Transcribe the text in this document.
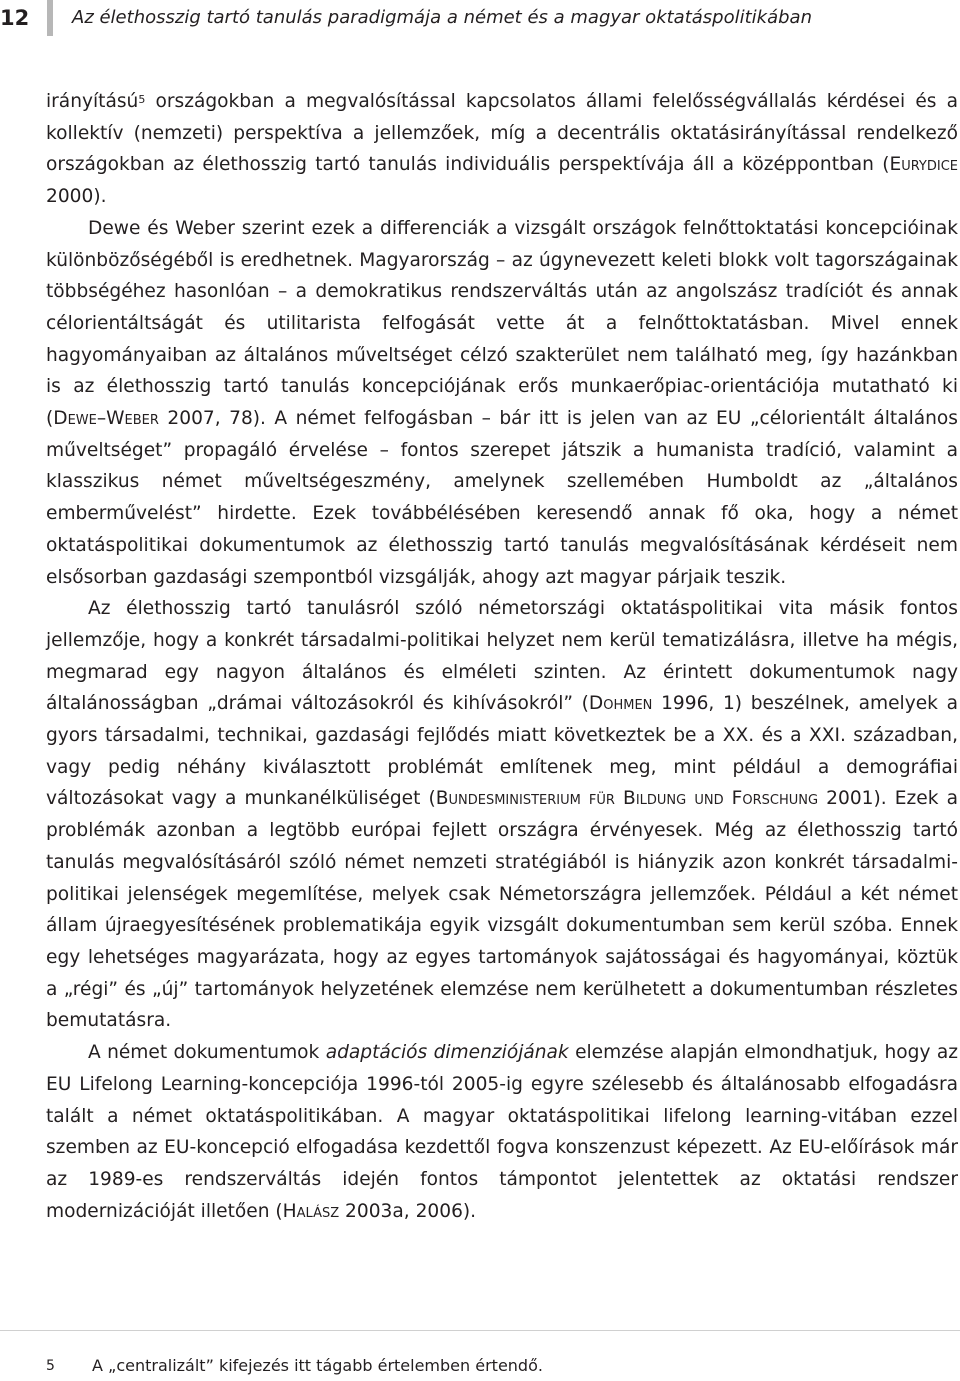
12 Az élethosszig tartó tanulás paradigmája a német és a magyar oktatáspolitikában

irányítású$^5$ országokban a megvalósítással kapcsolatos állami felelősségvállalás kérdései és a kollektív (nemzeti) perspektíva a jellemzőek, míg a decentrális oktatásirányítással rendelkező országokban az élethosszig tartó tanulás individuális perspektívája áll a középpontban (Eurydice 2000).

Dewe és Weber szerint ezek a differenciák a vizsgált országok felnőttoktatási koncepcióinak különbözőségéből is eredhetnek. Magyarország – az úgynevezett keleti blokk volt tagországainak többségéhez hasonlóan – a demokratikus rendszerváltás után az angolszász tradíciót és annak célorientáltságát és utilitarista felfogását vette át a felnőttoktatásban. Mivel ennek hagyományaiban az általános műveltséget célzó szakterület nem található meg, így hazánkban is az élethosszig tartó tanulás koncepciójának erős munkaerőpiac-orientációja mutatható ki (Dewe–Weber 2007, 78). A német felfogásban – bár itt is jelen van az EU „célorientált általános műveltséget” propagáló érvelése – fontos szerepet játszik a humanista tradíció, valamint a klasszikus német műveltségeszmény, amelynek szellemében Humboldt az „általános emberművelést” hirdette. Ezek továbbélésében keresendő annak fő oka, hogy a német oktatáspolitikai dokumentumok az élethosszig tartó tanulás megvalósításának kérdéseit nem elsősorban gazdasági szempontból vizsgálják, ahogy azt magyar párjaik teszik.

Az élethosszig tartó tanulásról szóló németországi oktatáspolitikai vita másik fontos jellemzője, hogy a konkrét társadalmi-politikai helyzet nem kerül tematizálásra, illetve ha mégis, megmarad egy nagyon általános és elméleti szinten. Az érintett dokumentumok nagy általánosságban „drámai változásokról és kihívásokról” (Dohmen 1996, 1) beszélnek, amelyek a gyors társadalmi, technikai, gazdasági fejlődés miatt következtek be a XX. és a XXI. században, vagy pedig néhány kiválasztott problémát említenek meg, mint például a demográfiai változásokat vagy a munkanélküliséget (Bundesministerium für Bildung und Forschung 2001). Ezek a problémák azonban a legtöbb európai fejlett országra érvényesek. Még az élethosszig tartó tanulás megvalósításáról szóló német nemzeti stratégiából is hiányzik azon konkrét társadalmi-politikai jelenségek megemlítése, melyek csak Németországra jellemzőek. Például a két német állam újraegyesítésének problematikája egyik vizsgált dokumentumban sem kerül szóba. Ennek egy lehetséges magyarázata, hogy az egyes tartományok sajátosságai és hagyományai, köztük a „régi” és „új” tartományok helyzetének elemzése nem kerülhetett a dokumentumban részletes bemutatásra.

A német dokumentumok adaptációs dimenziójának elemzése alapján elmondhatjuk, hogy az EU Lifelong Learning-koncepciója 1996-tól 2005-ig egyre szélesebb és általánosabb elfogadásra talált a német oktatáspolitikában. A magyar oktatáspolitikai lifelong learning-vitában ezzel szemben az EU-koncepció elfogadása kezdettől fogva konszenzust képezett. Az EU-előírások már az 1989-es rendszerváltás idején fontos támpontot jelentettek az oktatási rendszer modernizációját illetően (Halász 2003a, 2006).

5 A „centralizált” kifejezés itt tágabb értelemben értendő.
